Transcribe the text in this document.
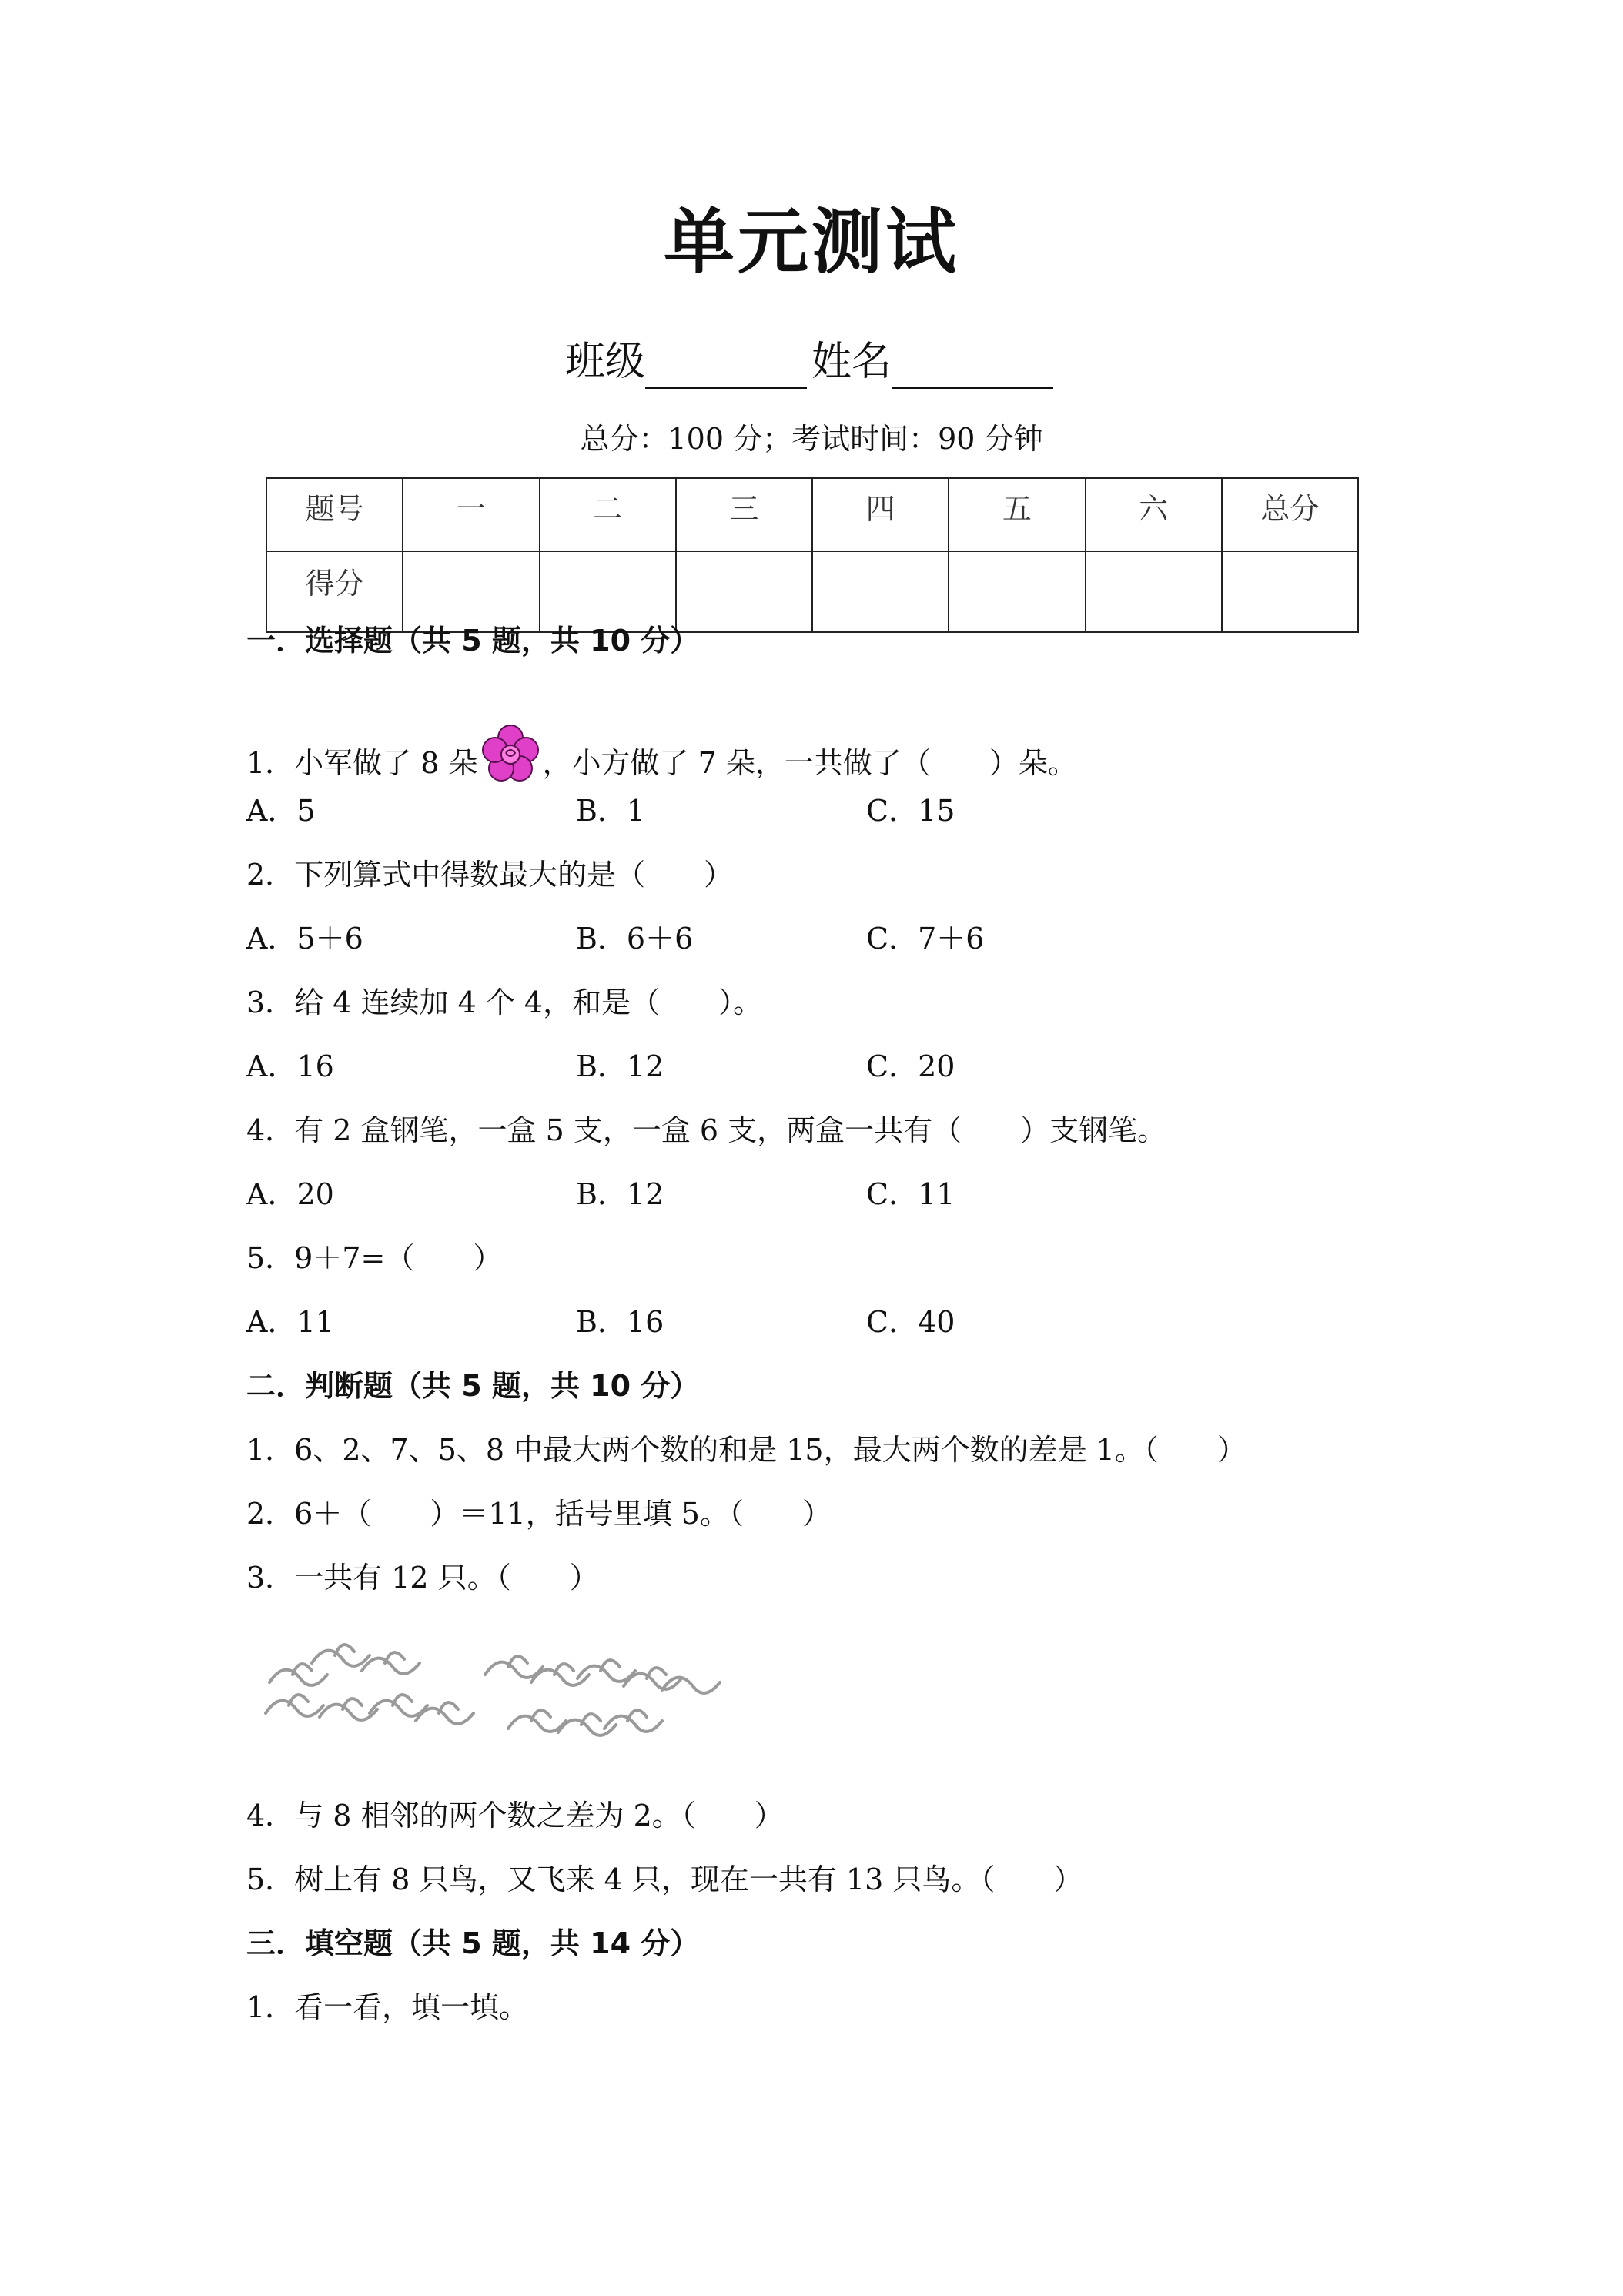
单元测试
班级	姓名
总分：100 分；考试时间：90 分钟
题号	一	二	三	四	五	六	总分
得分							
一．选择题（共 5 题，共 10 分）
1．小军做了 8 朵 ，小方做了 7 朵，一共做了（　　）朵。
A．5	B．1	C．15
2．下列算式中得数最大的是（　　）
A．5＋6	B．6＋6	C．7＋6
3．给 4 连续加 4 个 4，和是（　　）。
A．16	B．12	C．20
4．有 2 盒钢笔，一盒 5 支，一盒 6 支，两盒一共有（　　）支钢笔。
A．20	B．12	C．11
5．9＋7=（　　）
A．11	B．16	C．40
二．判断题（共 5 题，共 10 分）
1．6、2、7、5、8 中最大两个数的和是 15，最大两个数的差是 1。（　　）
2．6＋（　　）＝11，括号里填 5。（　　）
3．一共有 12 只。（　　）
4．与 8 相邻的两个数之差为 2。（　　）
5．树上有 8 只鸟，又飞来 4 只，现在一共有 13 只鸟。（　　）
三．填空题（共 5 题，共 14 分）
1．看一看，填一填。
